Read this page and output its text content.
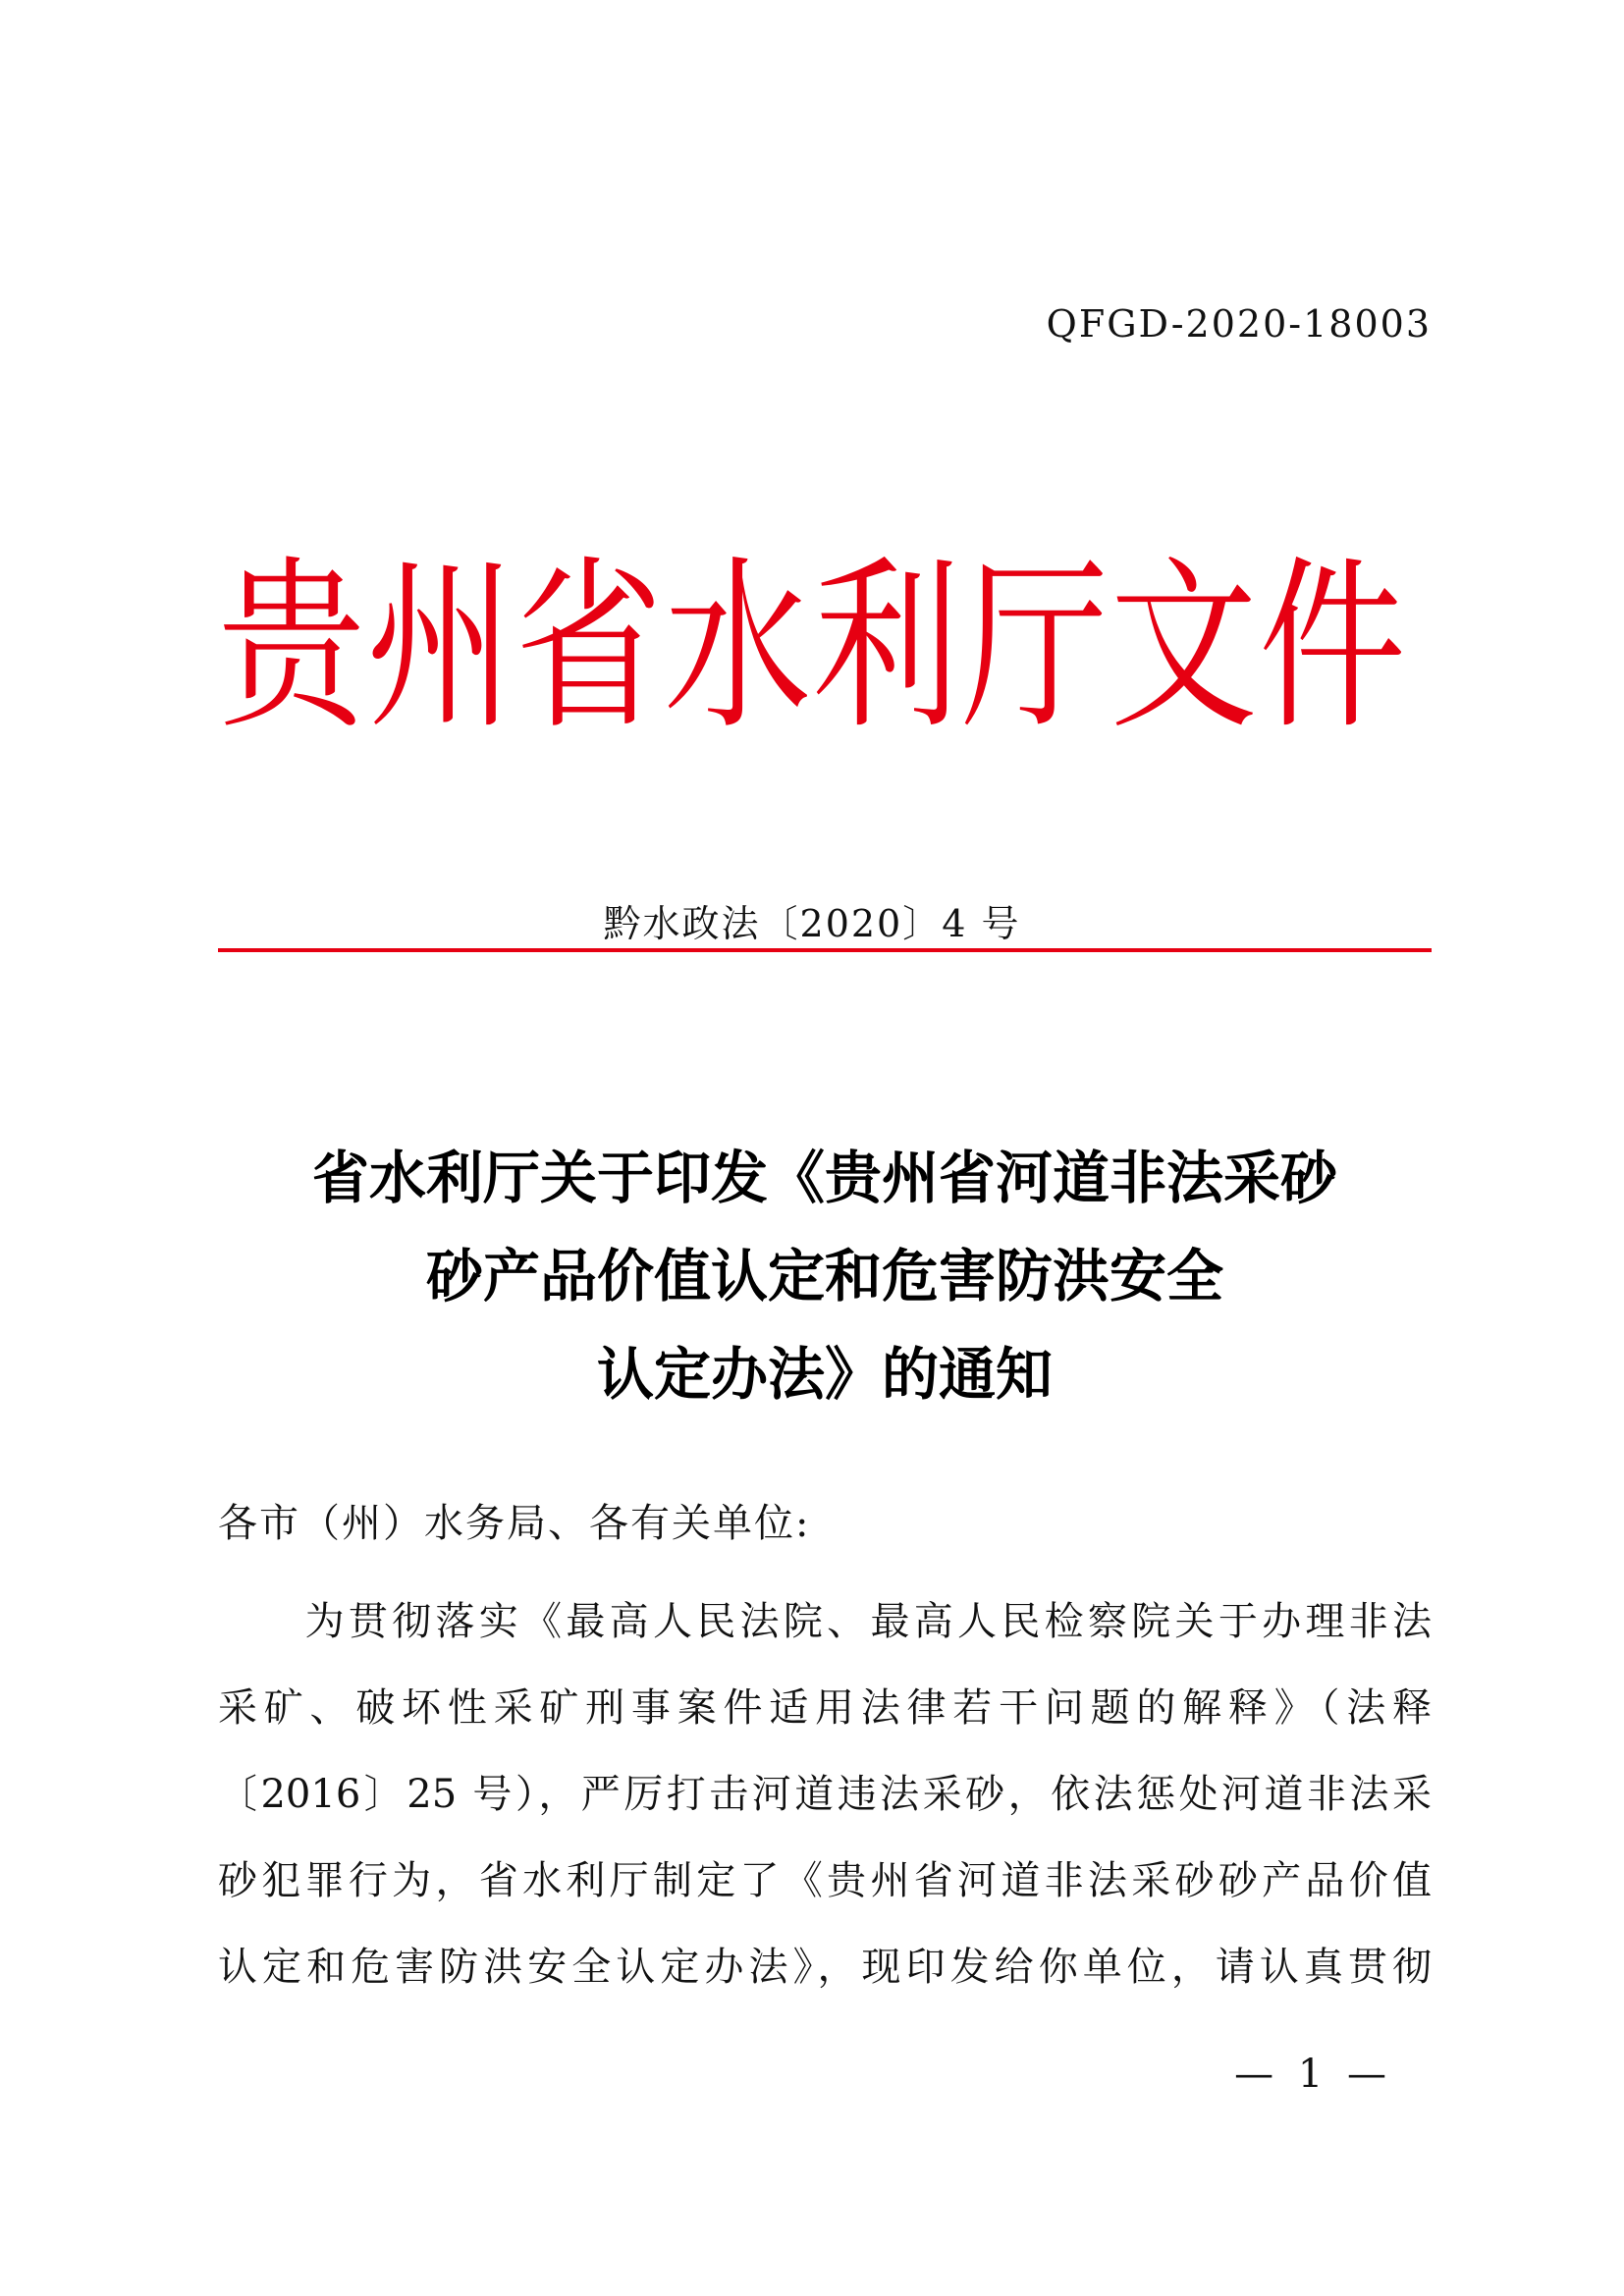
QFGD-2020-18003
贵 州 省 水 利 厅 文 件
黔水政法〔2020〕4 号
省水利厅关于印发《贵州省河道非法采砂
砂产品价值认定和危害防洪安全
认定办法》的通知
各市（州）水务局、各有关单位:
　　为贯彻落实《最高人民法院、最高人民检察院关于办理非法
采矿、破坏性采矿刑事案件适用法律若干问题的解释》（法释
〔2016〕25 号），严厉打击河道违法采砂，依法惩处河道非法采
砂犯罪行为，省水利厅制定了《贵州省河道非法采砂砂产品价值
认定和危害防洪安全认定办法》，现印发给你单位，请认真贯彻
— 1 —
